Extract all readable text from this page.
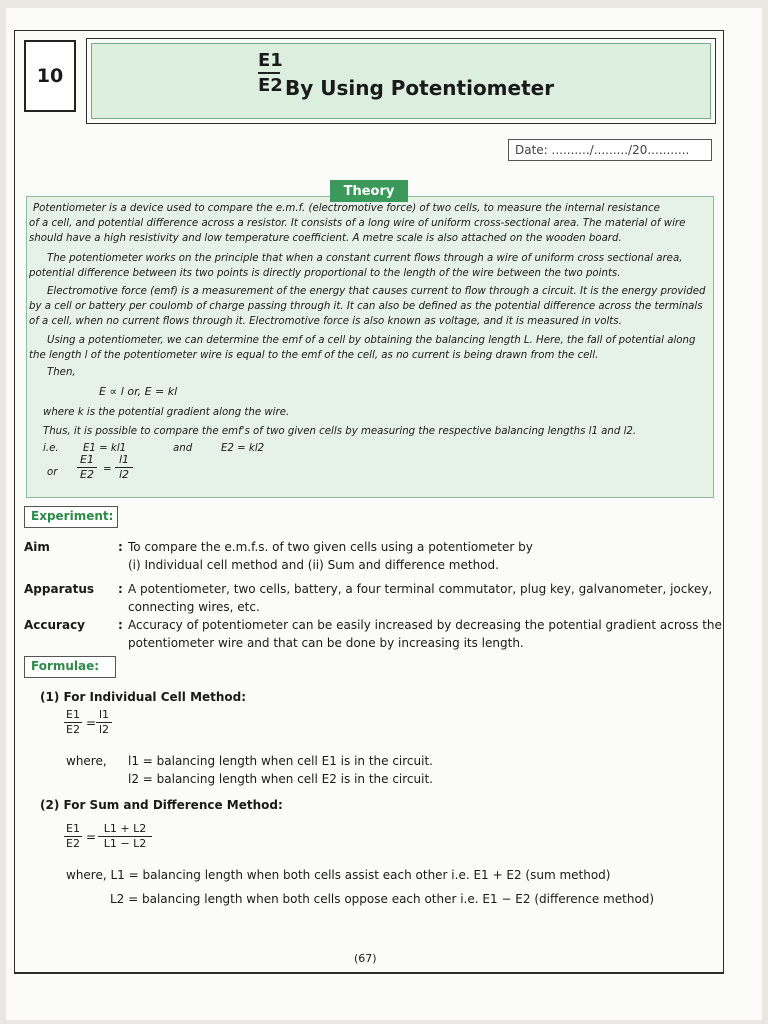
10
E1
E2 By Using Potentiometer
Date: ........../........./20...........
Potentiometer is a device used to compare the e.m.f. (electromotive force) of two cells, to measure the internal resistance
of a cell, and potential difference across a resistor. It consists of a long wire of uniform cross-sectional area. The material of wire
should have a high resistivity and low temperature coefficient. A metre scale is also attached on the wooden board.
The potentiometer works on the principle that when a constant current flows through a wire of uniform cross sectional area,
potential difference between its two points is directly proportional to the length of the wire between the two points.
Electromotive force (emf) is a measurement of the energy that causes current to flow through a circuit. It is the energy provided
by a cell or battery per coulomb of charge passing through it. It can also be defined as the potential difference across the terminals
of a cell, when no current flows through it. Electromotive force is also known as voltage, and it is measured in volts.
Using a potentiometer, we can determine the emf of a cell by obtaining the balancing length L. Here, the fall of potential along
the length l of the potentiometer wire is equal to the emf of the cell, as no current is being drawn from the cell.
Then,
E ∝ l or, E = kl
where k is the potential gradient along the wire.
Thus, it is possible to compare the emf's of two given cells by measuring the respective balancing lengths l1 and l2.
i.e. E1 = kl1	and	E2 = kl2
or
E1
E2 =
l1
l2
Theory
Experiment:
Aim	: To compare the e.m.f.s. of two given cells using a potentiometer by
(i) Individual cell method and (ii) Sum and difference method.
Apparatus : A potentiometer, two cells, battery, a four terminal commutator, plug key, galvanometer, jockey,
connecting wires, etc.
Accuracy	: Accuracy of potentiometer can be easily increased by decreasing the potential gradient across the
potentiometer wire and that can be done by increasing its length.
Formulae:
(1) For Individual Cell Method:
E1
E2 =
l1
l2
where, l1 = balancing length when cell E1 is in the circuit.
l2 = balancing length when cell E2 is in the circuit.
(2) For Sum and Difference Method:
E1
E2 =
L1 + L2
L1 − L2
where, L1 = balancing length when both cells assist each other i.e. E1 + E2 (sum method)
L2 = balancing length when both cells oppose each other i.e. E1 − E2 (difference method)
(67)
